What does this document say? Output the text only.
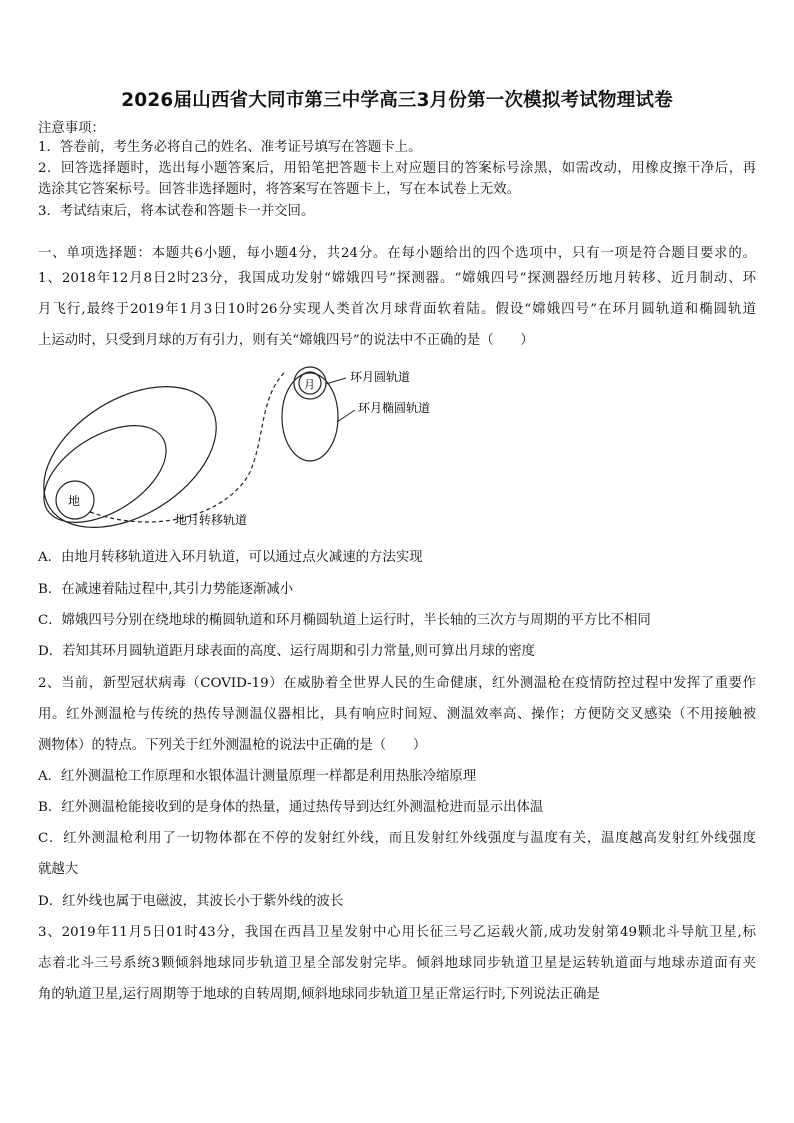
2026届山西省大同市第三中学高三3月份第一次模拟考试物理试卷
注意事项：
1．答卷前，考生务必将自己的姓名、准考证号填写在答题卡上。
2．回答选择题时，选出每小题答案后，用铅笔把答题卡上对应题目的答案标号涂黑，如需改动，用橡皮擦干净后，再
选涂其它答案标号。回答非选择题时，将答案写在答题卡上，写在本试卷上无效。
3．考试结束后，将本试卷和答题卡一并交回。
一、单项选择题：本题共6小题，每小题4分，共24分。在每小题给出的四个选项中，只有一项是符合题目要求的。
1、2018年12月8日2时23分，我国成功发射“嫦娥四号”探测器。“嫦娥四号”探测器经历地月转移、近月制动、环
月飞行,最终于2019年1月3日10时26分实现人类首次月球背面软着陆。假设“嫦娥四号”在环月圆轨道和椭圆轨道
上运动时，只受到月球的万有引力，则有关“嫦娥四号”的说法中不正确的是（　　）
地
月
环月圆轨道
环月椭圆轨道
地月转移轨道
A．由地月转移轨道进入环月轨道，可以通过点火减速的方法实现
B．在减速着陆过程中,其引力势能逐渐减小
C．嫦娥四号分别在绕地球的椭圆轨道和环月椭圆轨道上运行时，半长轴的三次方与周期的平方比不相同
D．若知其环月圆轨道距月球表面的高度、运行周期和引力常量,则可算出月球的密度
2、当前，新型冠状病毒（COVID-19）在威胁着全世界人民的生命健康，红外测温枪在疫情防控过程中发挥了重要作
用。红外测温枪与传统的热传导测温仪器相比，具有响应时间短、测温效率高、操作；方便防交叉感染（不用接触被
测物体）的特点。下列关于红外测温枪的说法中正确的是（　　）
A．红外测温枪工作原理和水银体温计测量原理一样都是利用热胀冷缩原理
B．红外测温枪能接收到的是身体的热量，通过热传导到达红外测温枪进而显示出体温
C．红外测温枪利用了一切物体都在不停的发射红外线，而且发射红外线强度与温度有关，温度越高发射红外线强度
就越大
D．红外线也属于电磁波，其波长小于紫外线的波长
3、2019年11月5日01时43分，我国在西昌卫星发射中心用长征三号乙运载火箭,成功发射第49颗北斗导航卫星,标
志着北斗三号系统3颗倾斜地球同步轨道卫星全部发射完毕。倾斜地球同步轨道卫星是运转轨道面与地球赤道面有夹
角的轨道卫星,运行周期等于地球的自转周期,倾斜地球同步轨道卫星正常运行时,下列说法正确是
